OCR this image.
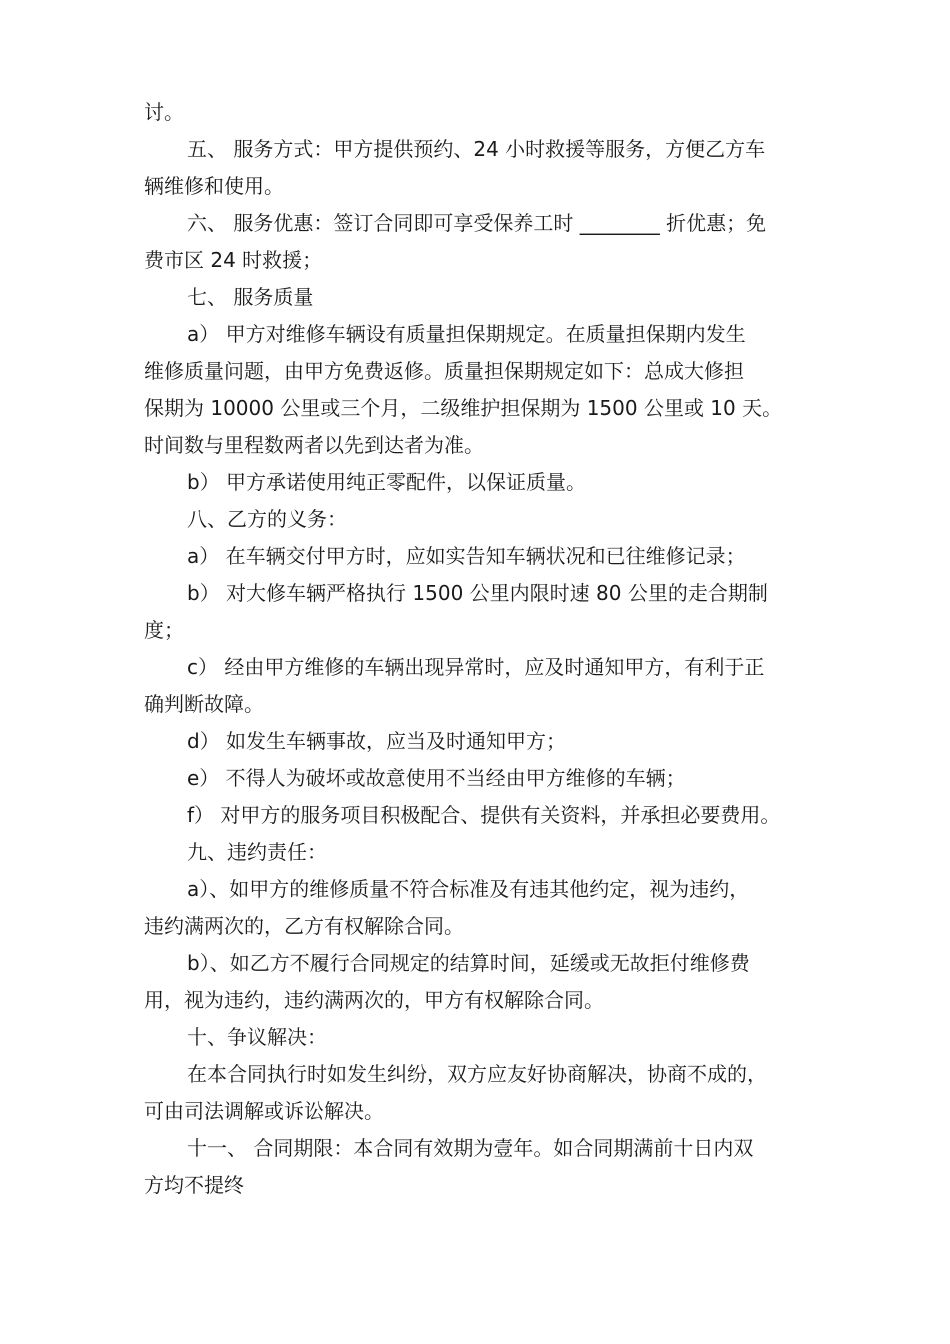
讨。
五、 服务方式：甲方提供预约、24 小时救援等服务，方便乙方车
辆维修和使用。
六、 服务优惠：签订合同即可享受保养工时 ________ 折优惠；免
费市区 24 时救援；
七、 服务质量
a） 甲方对维修车辆设有质量担保期规定。在质量担保期内发生
维修质量问题，由甲方免费返修。质量担保期规定如下：总成大修担
保期为 10000 公里或三个月，二级维护担保期为 1500 公里或 10 天。
时间数与里程数两者以先到达者为准。
b） 甲方承诺使用纯正零配件，以保证质量。
八、乙方的义务：
a） 在车辆交付甲方时，应如实告知车辆状况和已往维修记录；
b） 对大修车辆严格执行 1500 公里内限时速 80 公里的走合期制
度；
c） 经由甲方维修的车辆出现异常时，应及时通知甲方，有利于正
确判断故障。
d） 如发生车辆事故，应当及时通知甲方；
e） 不得人为破坏或故意使用不当经由甲方维修的车辆；
f） 对甲方的服务项目积极配合、提供有关资料，并承担必要费用。
九、违约责任：
a）、如甲方的维修质量不符合标准及有违其他约定，视为违约，
违约满两次的，乙方有权解除合同。
b）、如乙方不履行合同规定的结算时间，延缓或无故拒付维修费
用，视为违约，违约满两次的，甲方有权解除合同。
十、争议解决：
在本合同执行时如发生纠纷，双方应友好协商解决，协商不成的，
可由司法调解或诉讼解决。
十一、 合同期限：本合同有效期为壹年。如合同期满前十日内双
方均不提终
